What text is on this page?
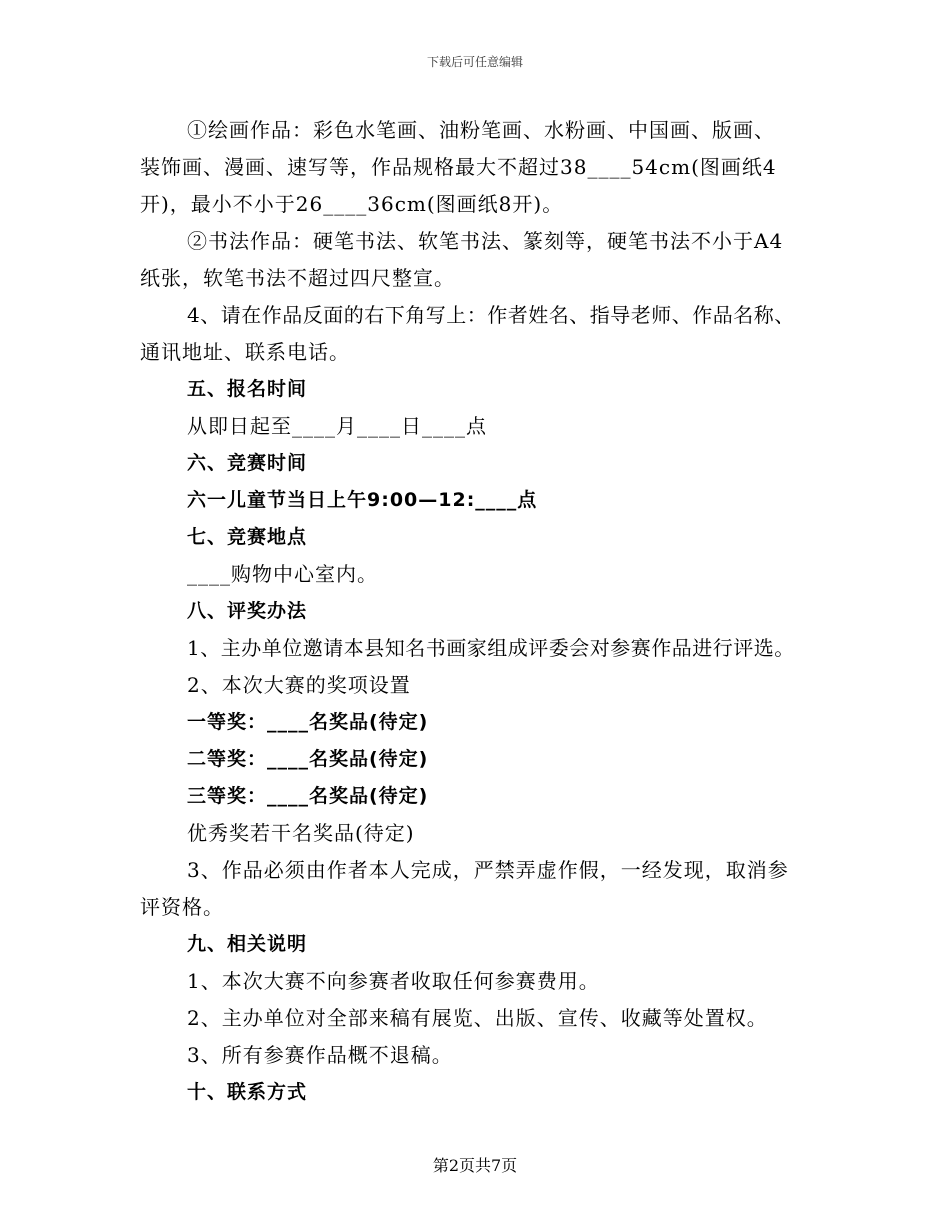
下载后可任意编辑
①绘画作品：彩色水笔画、油粉笔画、水粉画、中国画、版画、
装饰画、漫画、速写等，作品规格最大不超过38____54cm(图画纸4
开)，最小不小于26____36cm(图画纸8开)。
②书法作品：硬笔书法、软笔书法、篆刻等，硬笔书法不小于A4
纸张，软笔书法不超过四尺整宣。
4、请在作品反面的右下角写上：作者姓名、指导老师、作品名称、
通讯地址、联系电话。
五、报名时间
从即日起至____月____日____点
六、竞赛时间
六一儿童节当日上午9:00—12:____点
七、竞赛地点
____购物中心室内。
八、评奖办法
1、主办单位邀请本县知名书画家组成评委会对参赛作品进行评选。
2、本次大赛的奖项设置
一等奖：____名奖品(待定)
二等奖：____名奖品(待定)
三等奖：____名奖品(待定)
优秀奖若干名奖品(待定)
3、作品必须由作者本人完成，严禁弄虚作假，一经发现，取消参
评资格。
九、相关说明
1、本次大赛不向参赛者收取任何参赛费用。
2、主办单位对全部来稿有展览、出版、宣传、收藏等处置权。
3、所有参赛作品概不退稿。
十、联系方式
第2页共7页
